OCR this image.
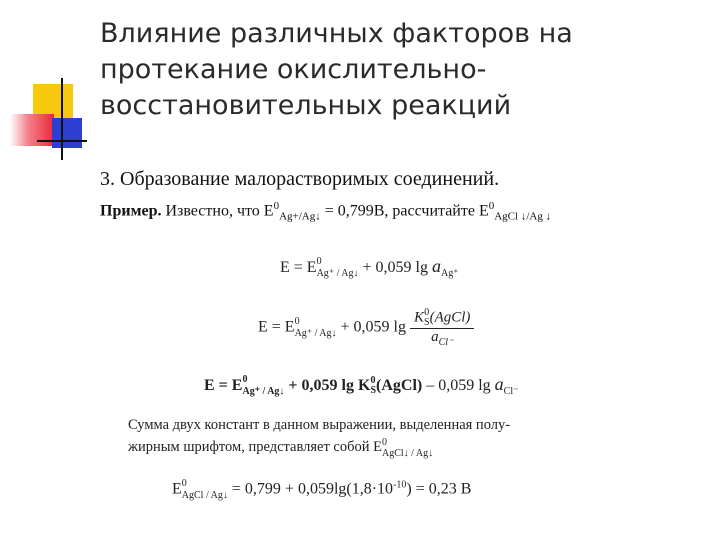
Влияние различных факторов на протекание окислительно-восстановительных реакций
3. Образование малорастворимых соединений.
Пример. Известно, что $E^0_{Ag+/Ag↓} = 0,799В$, рассчитайте $E^0_{AgCl ↓/Ag ↓}$
E = E 0
Ag⁺ / Ag↓ + 0,059 $\lg a_{Ag^+}$
E = E 0
Ag⁺ / Ag↓ + 0,059 lg K 0
S (AgCl)
$a_{Cl^-}$
E = E 0
Ag⁺ / Ag↓ + 0,059 lg K 0
S (AgCl) – 0,059 $\lg a_{Cl^-}$
Сумма двух констант в данном выражении, выделенная полу-
жирным шрифтом, представляет собой E 0
AgCl↓ / Ag↓
E 0
AgCl / Ag↓ = $0,799 + 0,059\lg(1,8\cdot 10^{-10}) = 0,23$ В
